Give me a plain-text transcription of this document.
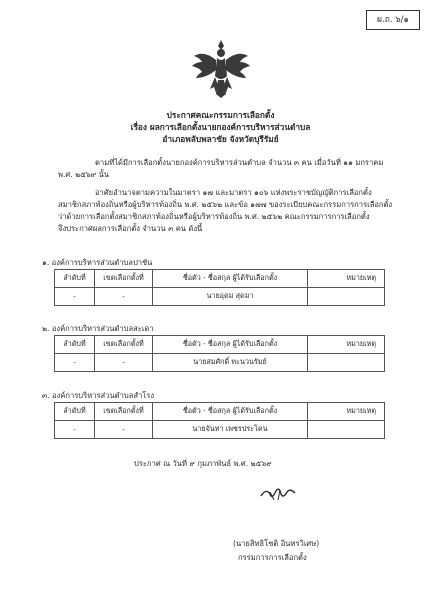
ผ.ถ. ๖/๑
ประกาศคณะกรรมการเลือกตั้ง
เรื่อง ผลการเลือกตั้งนายกองค์การบริหารส่วนตำบล
อำเภอพลับพลาชัย จังหวัดบุรีรัมย์
ตามที่ได้มีการเลือกตั้งนายกองค์การบริหารส่วนตำบล จำนวน ๓ คน เมื่อวันที่ ๑๑ มกราคม
พ.ศ. ๒๕๖๙ นั้น
อาศัยอำนาจตามความในมาตรา ๑๗ และมาตรา ๑๐๖ แห่งพระราชบัญญัติการเลือกตั้ง
สมาชิกสภาท้องถิ่นหรือผู้บริหารท้องถิ่น พ.ศ. ๒๕๖๒ และข้อ ๑๗๗ ของระเบียบคณะกรรมการการเลือกตั้ง
ว่าด้วยการเลือกตั้งสมาชิกสภาท้องถิ่นหรือผู้บริหารท้องถิ่น พ.ศ. ๒๕๖๒ คณะกรรมการการเลือกตั้ง
จึงประกาศผลการเลือกตั้ง จำนวน ๓ คน ดังนี้
๑. องค์การบริหารส่วนตำบลปาชัน
ลำดับที่	เขตเลือกตั้งที่	ชื่อตัว - ชื่อสกุล ผู้ได้รับเลือกตั้ง	หมายเหตุ
-	-	นายอุดม สุดมา	
๒. องค์การบริหารส่วนตำบลสะเดา
ลำดับที่	เขตเลือกตั้งที่	ชื่อตัว - ชื่อสกุล ผู้ได้รับเลือกตั้ง	หมายเหตุ
-	-	นายสมศักดิ์ ทะนวนรัมย์	
๓. องค์การบริหารส่วนตำบลสำโรง
ลำดับที่	เขตเลือกตั้งที่	ชื่อตัว - ชื่อสกุล ผู้ได้รับเลือกตั้ง	หมายเหตุ
-	-	นายจันทา เพชรประโคน	
ประกาศ ณ วันที่ ๙ กุมภาพันธ์ พ.ศ. ๒๕๖๙
(นายสิทธิโชติ อินทรวิเศษ)
กรรมการการเลือกตั้ง
